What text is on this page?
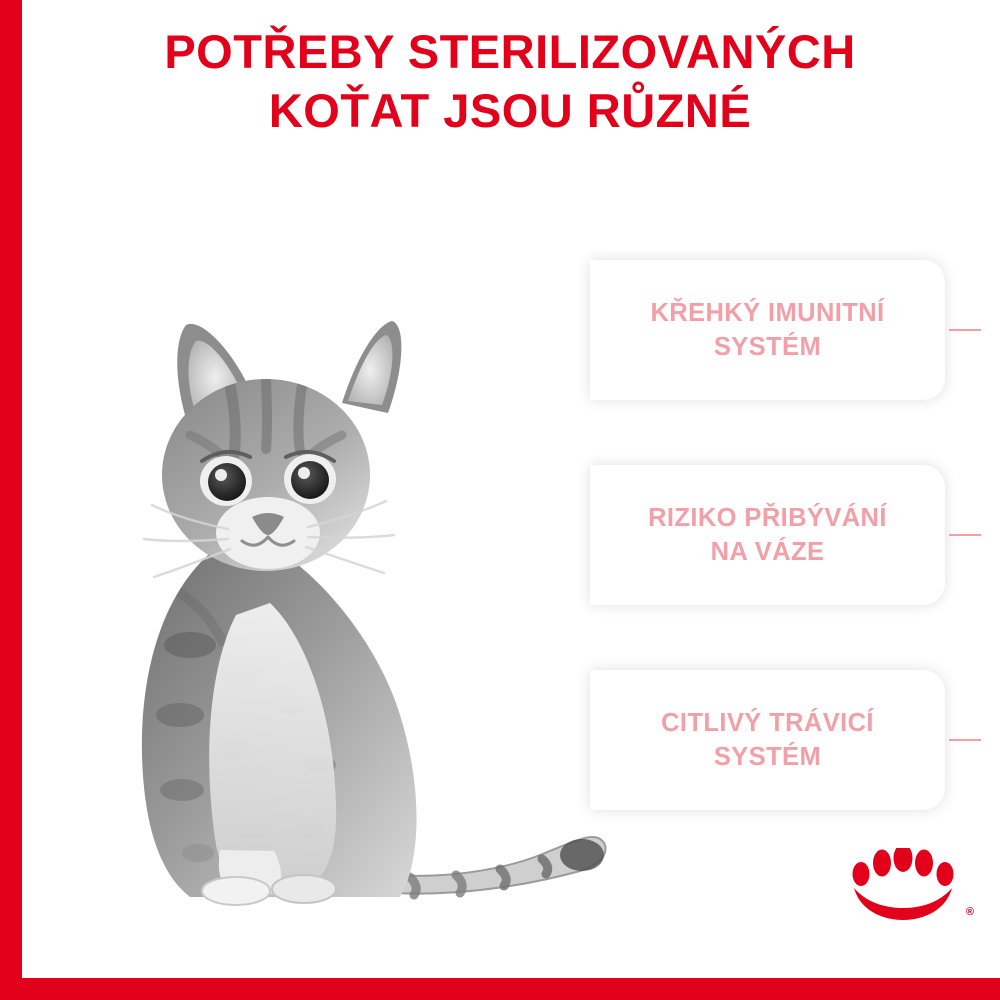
POTŘEBY STERILIZOVANÝCH
KOŤAT JSOU RŮZNÉ
KŘEHKÝ IMUNITNÍ
SYSTÉM
RIZIKO PŘIBÝVÁNÍ
NA VÁZE
CITLIVÝ TRÁVICÍ
SYSTÉM
®
